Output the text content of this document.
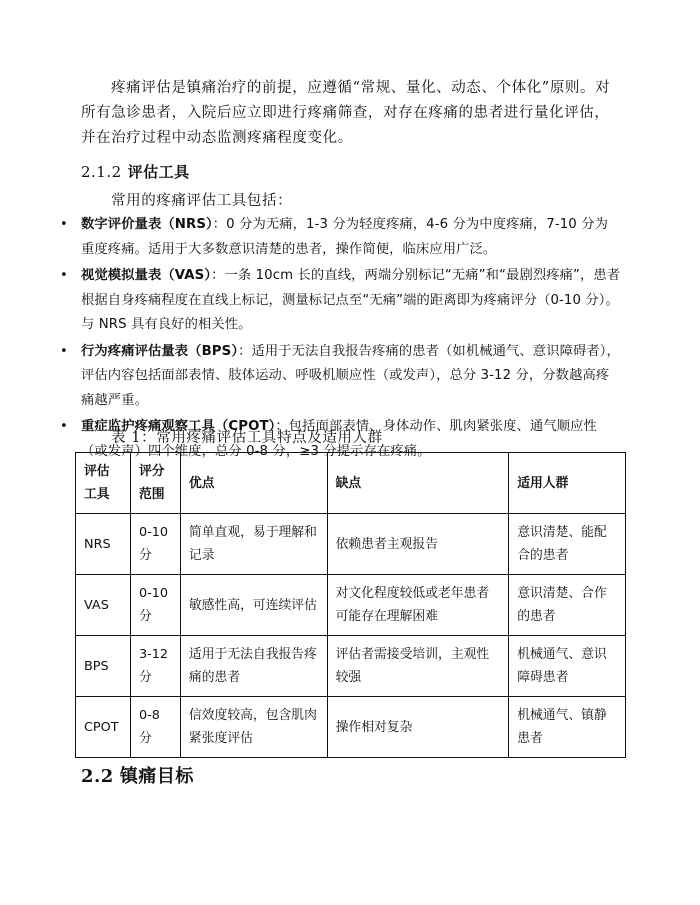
疼痛评估是镇痛治疗的前提，应遵循“常规、量化、动态、个体化”原则。对所有急诊患者，入院后应立即进行疼痛筛查，对存在疼痛的患者进行量化评估，并在治疗过程中动态监测疼痛程度变化。

2.1.2 评估工具

常用的疼痛评估工具包括：

• 数字评价量表（NRS）：0 分为无痛，1-3 分为轻度疼痛，4-6 分为中度疼痛，7-10 分为重度疼痛。适用于大多数意识清楚的患者，操作简便，临床应用广泛。
• 视觉模拟量表（VAS）：一条 10cm 长的直线，两端分别标记“无痛”和“最剧烈疼痛”，患者根据自身疼痛程度在直线上标记，测量标记点至“无痛”端的距离即为疼痛评分（0-10 分）。与 NRS 具有良好的相关性。
• 行为疼痛评估量表（BPS）：适用于无法自我报告疼痛的患者（如机械通气、意识障碍者），评估内容包括面部表情、肢体运动、呼吸机顺应性（或发声），总分 3-12 分，分数越高疼痛越严重。
• 重症监护疼痛观察工具（CPOT）：包括面部表情、身体动作、肌肉紧张度、通气顺应性（或发声）四个维度，总分 0-8 分，≥3 分提示存在疼痛。

表 1：常用疼痛评估工具特点及适用人群

评估工具	评分范围	优点	缺点	适用人群
NRS	0-10 分	简单直观，易于理解和记录	依赖患者主观报告	意识清楚、能配合的患者
VAS	0-10 分	敏感性高，可连续评估	对文化程度较低或老年患者可能存在理解困难	意识清楚、合作的患者
BPS	3-12 分	适用于无法自我报告疼痛的患者	评估者需接受培训，主观性较强	机械通气、意识障碍患者
CPOT	0-8 分	信效度较高，包含肌肉紧张度评估	操作相对复杂	机械通气、镇静患者
2.2 镇痛目标
